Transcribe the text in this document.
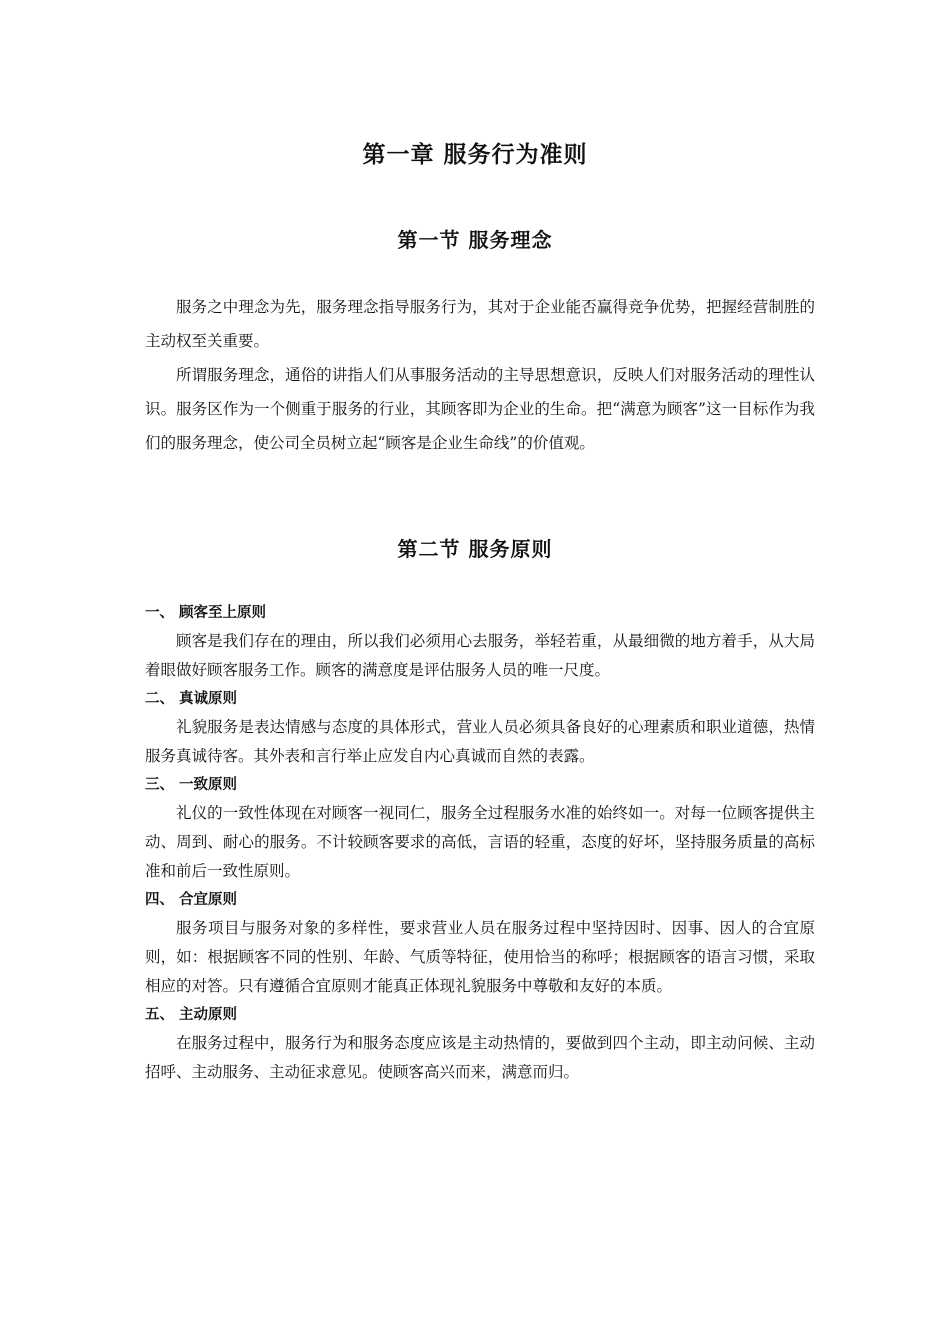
第一章 服务行为准则
第一节 服务理念

服务之中理念为先，服务理念指导服务行为，其对于企业能否赢得竞争优势，把握经营制胜的主动权至关重要。

所谓服务理念，通俗的讲指人们从事服务活动的主导思想意识，反映人们对服务活动的理性认识。服务区作为一个侧重于服务的行业，其顾客即为企业的生命。把“满意为顾客”这一目标作为我们的服务理念，使公司全员树立起“顾客是企业生命线”的价值观。

第二节 服务原则

一、 顾客至上原则

顾客是我们存在的理由，所以我们必须用心去服务，举轻若重，从最细微的地方着手，从大局着眼做好顾客服务工作。顾客的满意度是评估服务人员的唯一尺度。

二、 真诚原则

礼貌服务是表达情感与态度的具体形式，营业人员必须具备良好的心理素质和职业道德，热情服务真诚待客。其外表和言行举止应发自内心真诚而自然的表露。

三、 一致原则

礼仪的一致性体现在对顾客一视同仁，服务全过程服务水准的始终如一。对每一位顾客提供主动、周到、耐心的服务。不计较顾客要求的高低，言语的轻重，态度的好坏，坚持服务质量的高标准和前后一致性原则。

四、 合宜原则

服务项目与服务对象的多样性，要求营业人员在服务过程中坚持因时、因事、因人的合宜原则，如：根据顾客不同的性别、年龄、气质等特征，使用恰当的称呼；根据顾客的语言习惯，采取相应的对答。只有遵循合宜原则才能真正体现礼貌服务中尊敬和友好的本质。

五、 主动原则

在服务过程中，服务行为和服务态度应该是主动热情的，要做到四个主动，即主动问候、主动招呼、主动服务、主动征求意见。使顾客高兴而来，满意而归。
